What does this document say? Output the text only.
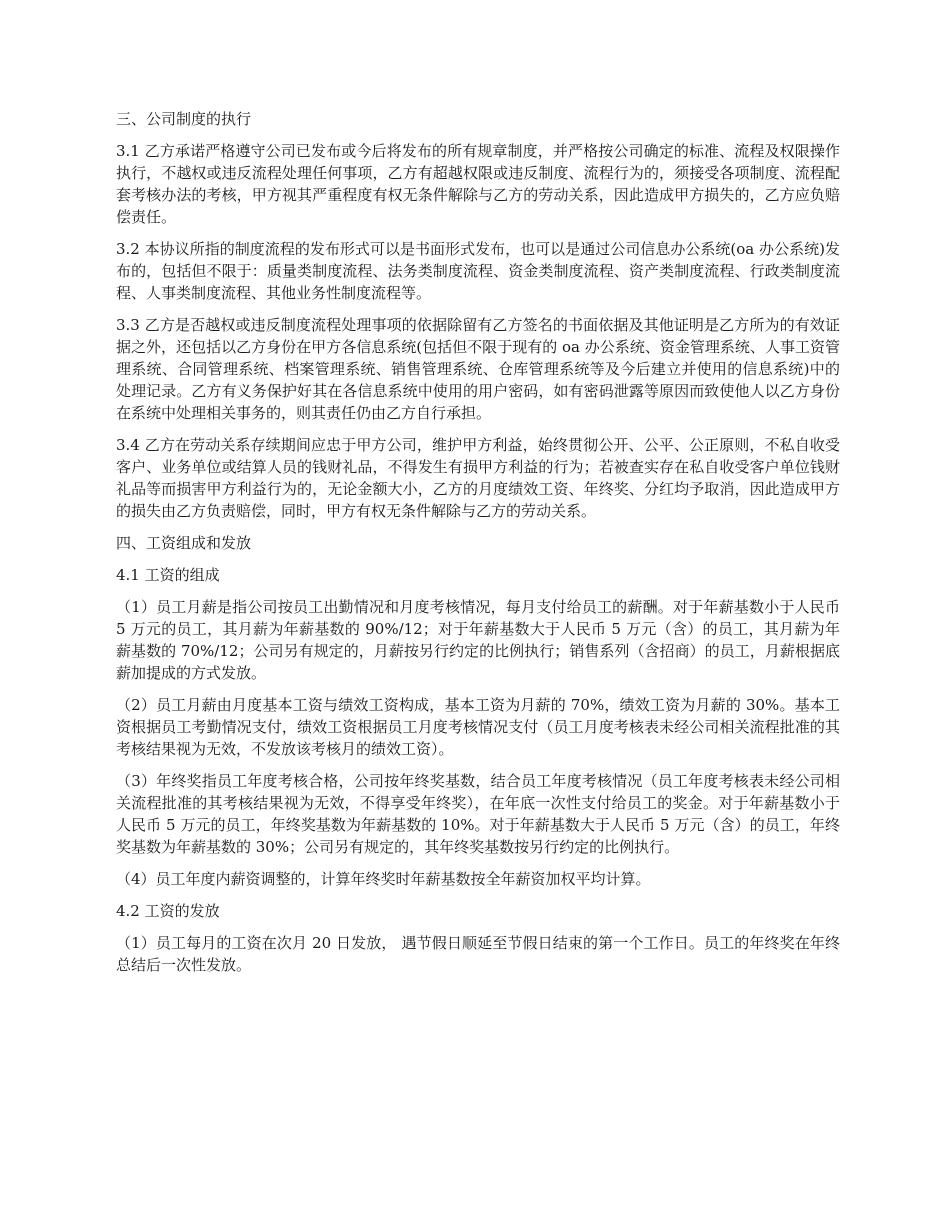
三、公司制度的执行

3.1 乙方承诺严格遵守公司已发布或今后将发布的所有规章制度，并严格按公司确定的标准、流程及权限操作执行，不越权或违反流程处理任何事项，乙方有超越权限或违反制度、流程行为的，须接受各项制度、流程配套考核办法的考核，甲方视其严重程度有权无条件解除与乙方的劳动关系，因此造成甲方损失的，乙方应负赔偿责任。

3.2 本协议所指的制度流程的发布形式可以是书面形式发布，也可以是通过公司信息办公系统(oa 办公系统)发布的，包括但不限于：质量类制度流程、法务类制度流程、资金类制度流程、资产类制度流程、行政类制度流程、人事类制度流程、其他业务性制度流程等。

3.3 乙方是否越权或违反制度流程处理事项的依据除留有乙方签名的书面依据及其他证明是乙方所为的有效证据之外，还包括以乙方身份在甲方各信息系统(包括但不限于现有的 oa 办公系统、资金管理系统、人事工资管理系统、合同管理系统、档案管理系统、销售管理系统、仓库管理系统等及今后建立并使用的信息系统)中的处理记录。乙方有义务保护好其在各信息系统中使用的用户密码，如有密码泄露等原因而致使他人以乙方身份在系统中处理相关事务的，则其责任仍由乙方自行承担。

3.4 乙方在劳动关系存续期间应忠于甲方公司，维护甲方利益，始终贯彻公开、公平、公正原则，不私自收受客户、业务单位或结算人员的钱财礼品，不得发生有损甲方利益的行为；若被查实存在私自收受客户单位钱财礼品等而损害甲方利益行为的，无论金额大小，乙方的月度绩效工资、年终奖、分红均予取消，因此造成甲方的损失由乙方负责赔偿，同时，甲方有权无条件解除与乙方的劳动关系。

四、工资组成和发放

4.1 工资的组成

（1）员工月薪是指公司按员工出勤情况和月度考核情况，每月支付给员工的薪酬。对于年薪基数小于人民币 5 万元的员工，其月薪为年薪基数的 90%/12；对于年薪基数大于人民币 5 万元（含）的员工，其月薪为年薪基数的 70%/12；公司另有规定的，月薪按另行约定的比例执行；销售系列（含招商）的员工，月薪根据底薪加提成的方式发放。

（2）员工月薪由月度基本工资与绩效工资构成，基本工资为月薪的 70%，绩效工资为月薪的 30%。基本工资根据员工考勤情况支付，绩效工资根据员工月度考核情况支付（员工月度考核表未经公司相关流程批准的其考核结果视为无效，不发放该考核月的绩效工资）。

（3）年终奖指员工年度考核合格，公司按年终奖基数，结合员工年度考核情况（员工年度考核表未经公司相关流程批准的其考核结果视为无效，不得享受年终奖），在年底一次性支付给员工的奖金。对于年薪基数小于人民币 5 万元的员工，年终奖基数为年薪基数的 10%。对于年薪基数大于人民币 5 万元（含）的员工，年终奖基数为年薪基数的 30%；公司另有规定的，其年终奖基数按另行约定的比例执行。

（4）员工年度内薪资调整的，计算年终奖时年薪基数按全年薪资加权平均计算。

4.2 工资的发放

（1）员工每月的工资在次月 20 日发放， 遇节假日顺延至节假日结束的第一个工作日。员工的年终奖在年终总结后一次性发放。
